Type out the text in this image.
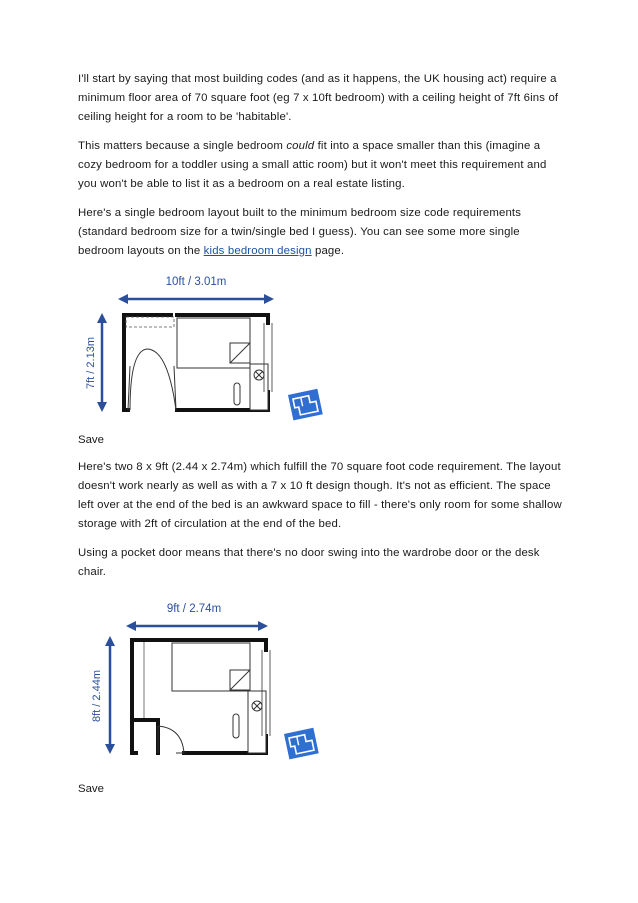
I'll start by saying that most building codes (and as it happens, the UK housing act) require a minimum floor area of 70 square foot (eg 7 x 10ft bedroom) with a ceiling height of 7ft 6ins of ceiling height for a room to be 'habitable'.

This matters because a single bedroom could fit into a space smaller than this (imagine a cozy bedroom for a toddler using a small attic room) but it won't meet this requirement and you won't be able to list it as a bedroom on a real estate listing.

Here's a single bedroom layout built to the minimum bedroom size code requirements (standard bedroom size for a twin/single bed I guess). You can see some more single bedroom layouts on the kids bedroom design page.

10ft / 3.01m
7ft / 2.13m

Save

Here's two 8 x 9ft (2.44 x 2.74m) which fulfill the 70 square foot code requirement. The layout doesn't work nearly as well as with a 7 x 10 ft design though. It's not as efficient. The space left over at the end of the bed is an awkward space to fill - there's only room for some shallow storage with 2ft of circulation at the end of the bed.

Using a pocket door means that there's no door swing into the wardrobe door or the desk chair.

9ft / 2.74m
8ft / 2.44m

Save
